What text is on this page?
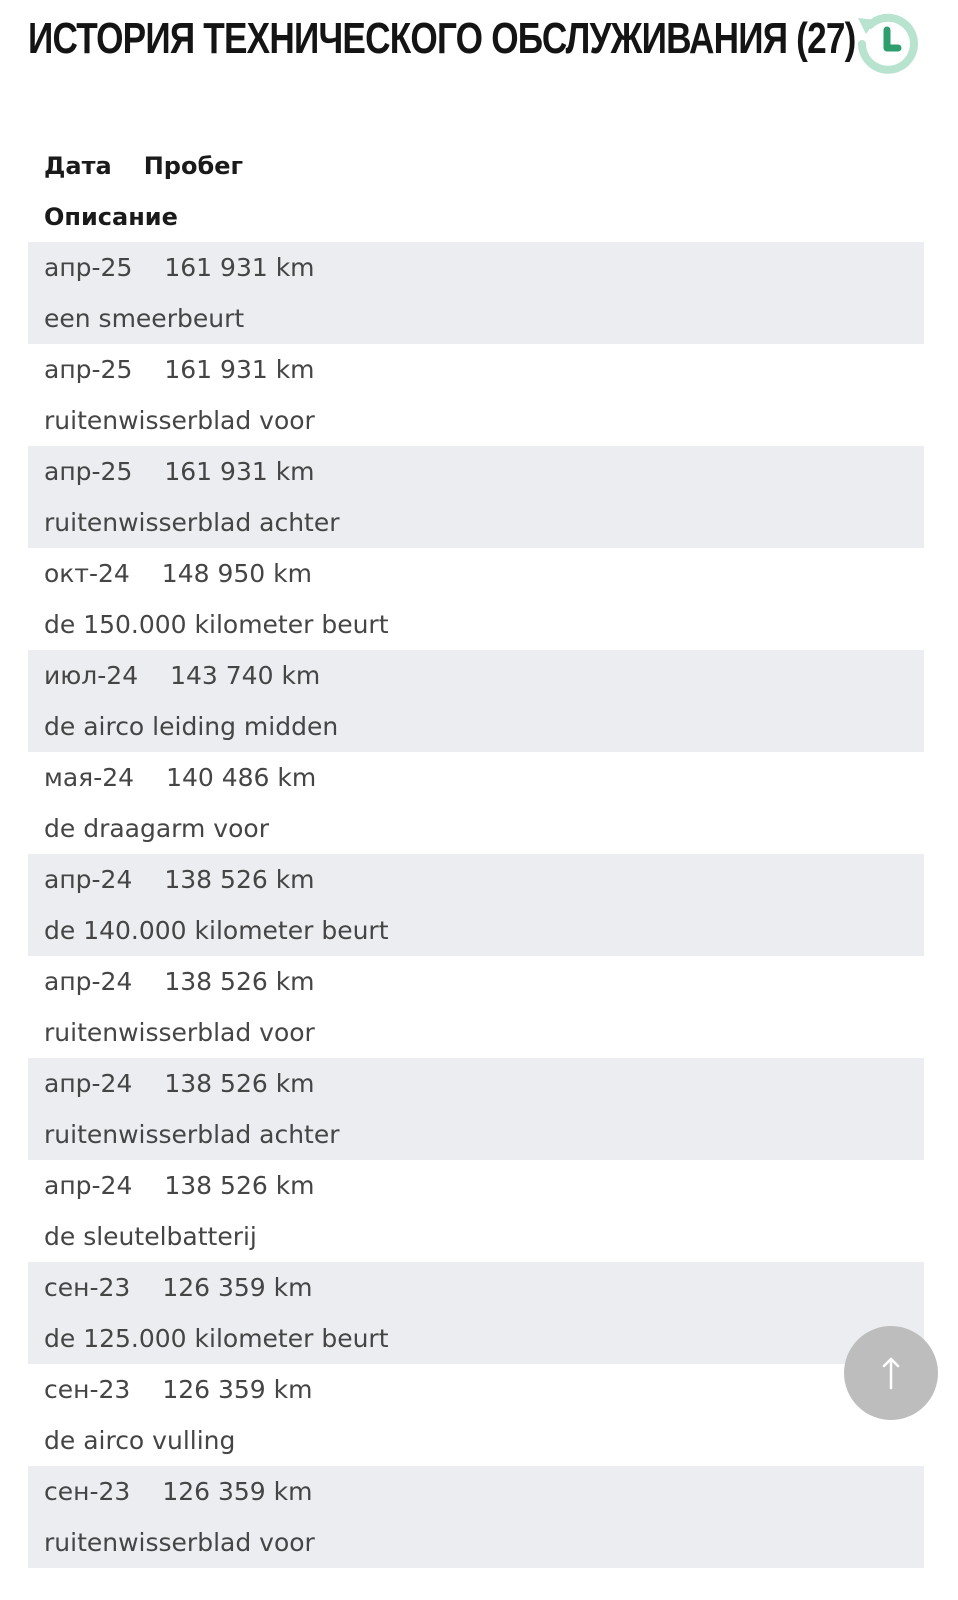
ИСТОРИЯ ТЕХНИЧЕСКОГО ОБСЛУЖИВАНИЯ (27)
Дата Пробег
Описание
апр-25 161 931 km
een smeerbeurt
апр-25 161 931 km
ruitenwisserblad voor
апр-25 161 931 km
ruitenwisserblad achter
окт-24 148 950 km
de 150.000 kilometer beurt
июл-24 143 740 km
de airco leiding midden
мая-24 140 486 km
de draagarm voor
апр-24 138 526 km
de 140.000 kilometer beurt
апр-24 138 526 km
ruitenwisserblad voor
апр-24 138 526 km
ruitenwisserblad achter
апр-24 138 526 km
de sleutelbatterij
сен-23 126 359 km
de 125.000 kilometer beurt
сен-23 126 359 km
de airco vulling
сен-23 126 359 km
ruitenwisserblad voor
